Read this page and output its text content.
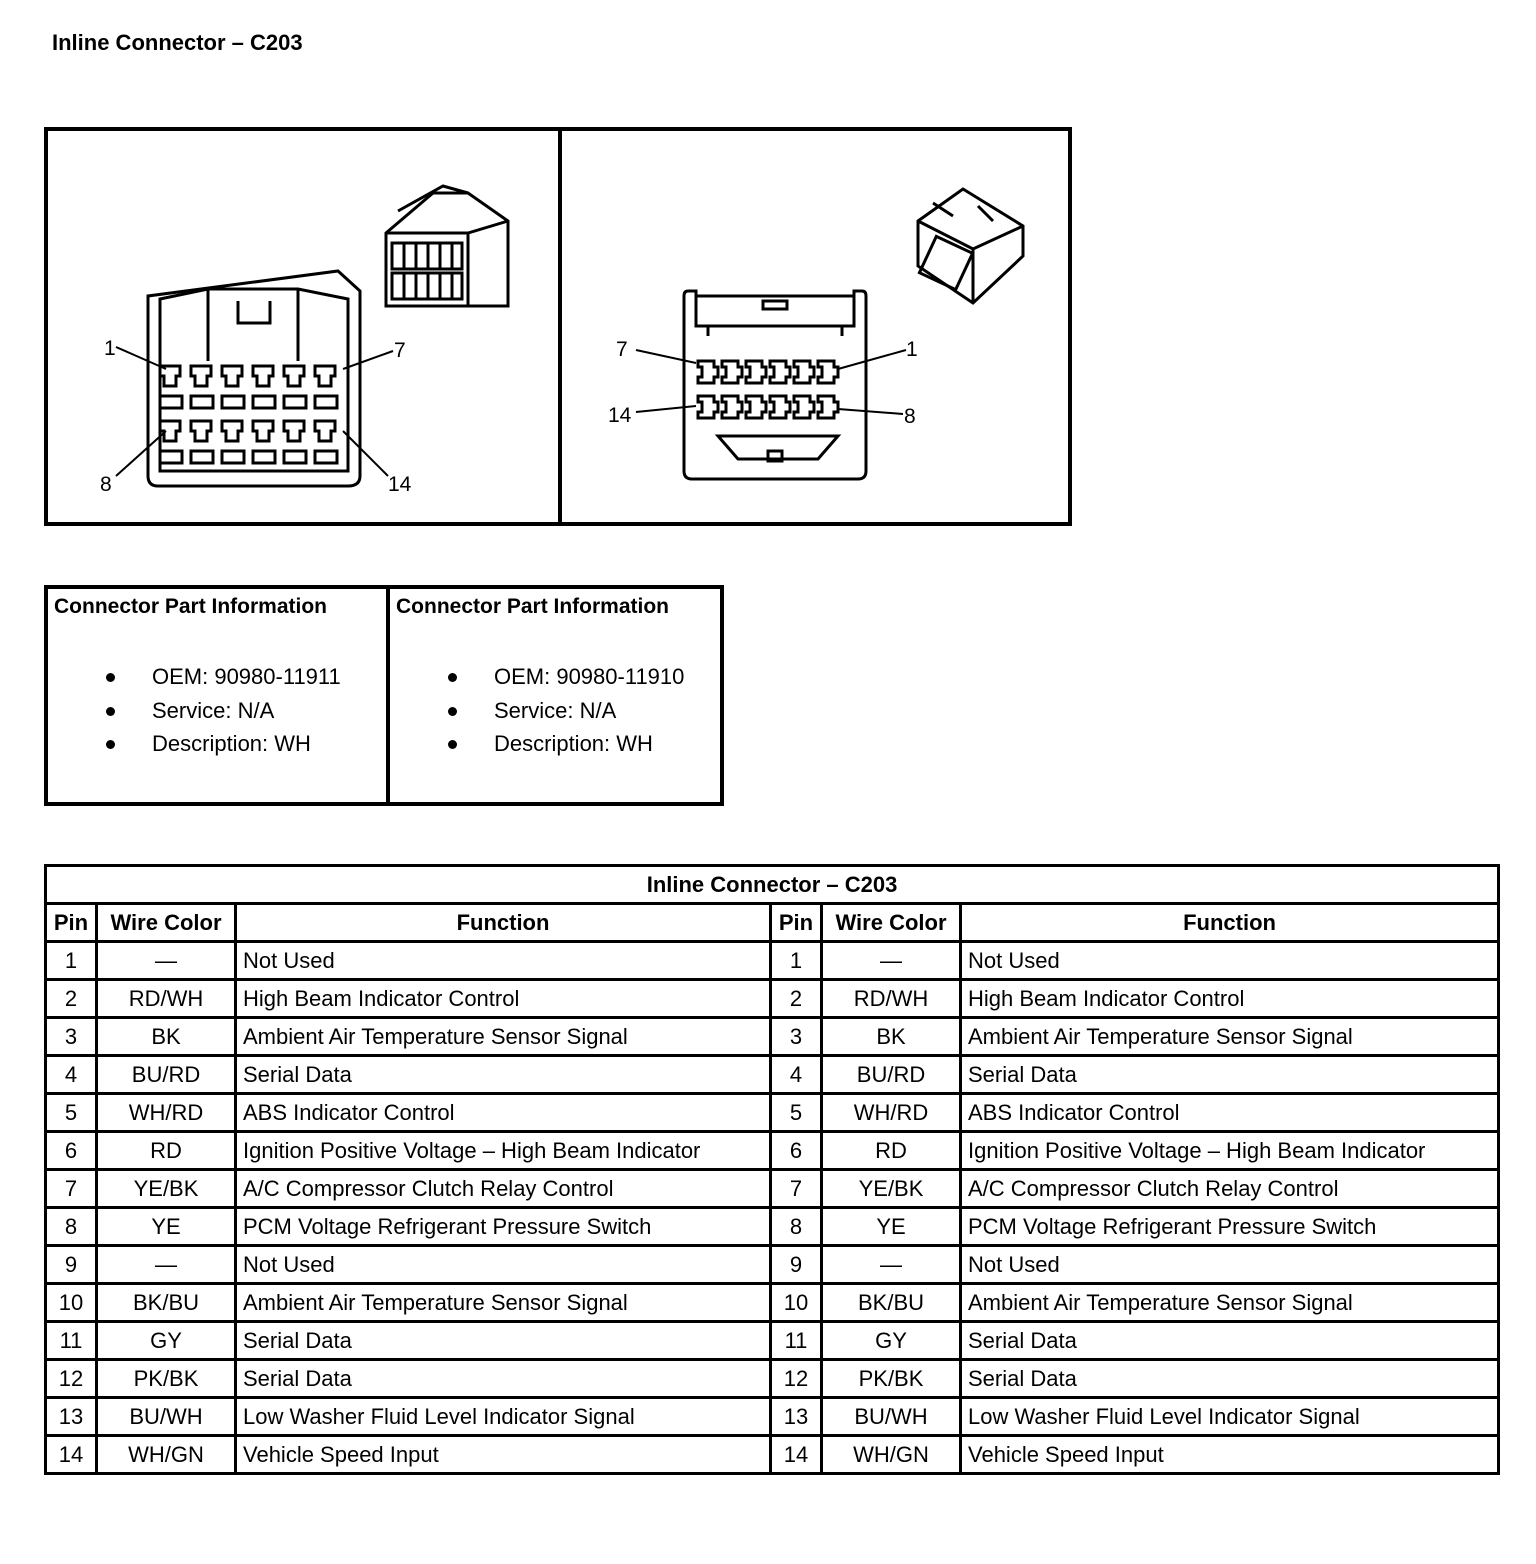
Inline Connector – C203
1	7
8	14
7	1
14	8
Connector Part Information
OEM: 90980-11911
Service: N/A
Description: WH
Connector Part Information
OEM: 90980-11910
Service: N/A
Description: WH
Inline Connector – C203					
Pin	Wire Color	Function	Pin	Wire Color	Function
1	—	Not Used	1	—	Not Used
2	RD/WH	High Beam Indicator Control	2	RD/WH	High Beam Indicator Control
3	BK	Ambient Air Temperature Sensor Signal	3	BK	Ambient Air Temperature Sensor Signal
4	BU/RD	Serial Data	4	BU/RD	Serial Data
5	WH/RD	ABS Indicator Control	5	WH/RD	ABS Indicator Control
6	RD	Ignition Positive Voltage – High Beam Indicator	6	RD	Ignition Positive Voltage – High Beam Indicator
7	YE/BK	A/C Compressor Clutch Relay Control	7	YE/BK	A/C Compressor Clutch Relay Control
8	YE	PCM Voltage Refrigerant Pressure Switch	8	YE	PCM Voltage Refrigerant Pressure Switch
9	—	Not Used	9	—	Not Used
10	BK/BU	Ambient Air Temperature Sensor Signal	10	BK/BU	Ambient Air Temperature Sensor Signal
11	GY	Serial Data	11	GY	Serial Data
12	PK/BK	Serial Data	12	PK/BK	Serial Data
13	BU/WH	Low Washer Fluid Level Indicator Signal	13	BU/WH	Low Washer Fluid Level Indicator Signal
14	WH/GN	Vehicle Speed Input	14	WH/GN	Vehicle Speed Input
